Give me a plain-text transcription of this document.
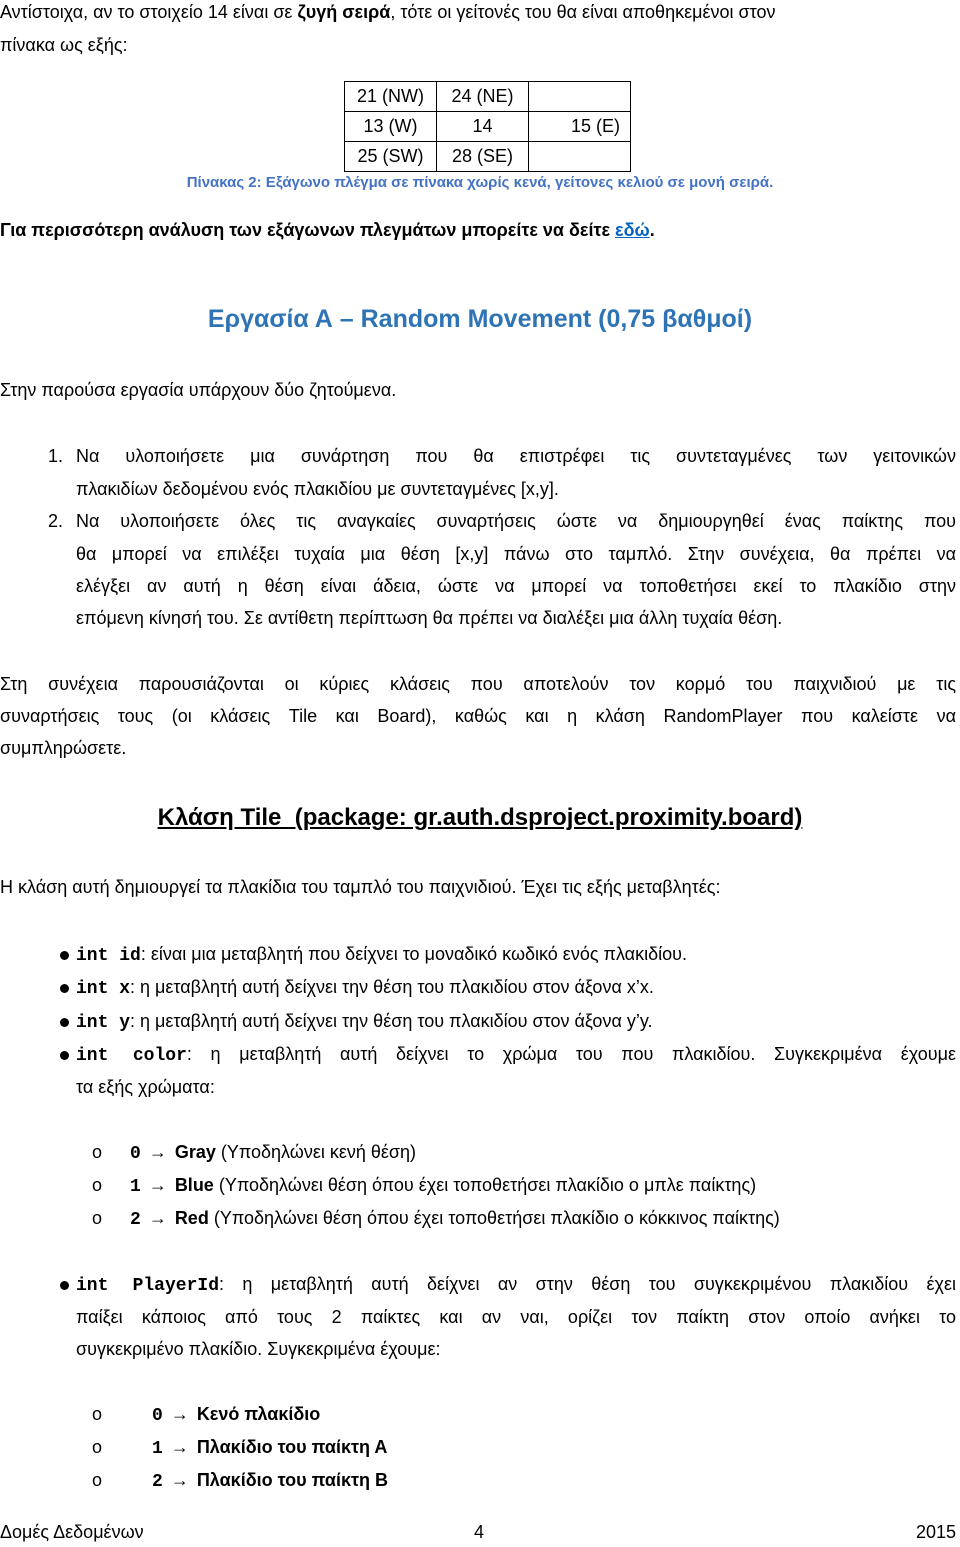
Αντίστοιχα, αν το στοιχείο 14 είναι σε ζυγή σειρά, τότε οι γείτονές του θα είναι αποθηκεμένοι στον
πίνακα ως εξής:
21 (NW)	24 (NE)	
13 (W)	14	15 (E)
25 (SW)	28 (SE)	
Πίνακας 2: Εξάγωνο πλέγμα σε πίνακα χωρίς κενά, γείτονες κελιού σε μονή σειρά.
Για περισσότερη ανάλυση των εξάγωνων πλεγμάτων μπορείτε να δείτε εδώ.
Εργασία Α – Random Movement (0,75 βαθμοί)
Στην παρούσα εργασία υπάρχουν δύο ζητούμενα.
1. Να υλοποιήσετε μια συνάρτηση που θα επιστρέφει τις συντεταγμένες των γειτονικών
πλακιδίων δεδομένου ενός πλακιδίου με συντεταγμένες [x,y].
2. Να υλοποιήσετε όλες τις αναγκαίες συναρτήσεις ώστε να δημιουργηθεί ένας παίκτης που
θα μπορεί να επιλέξει τυχαία μια θέση [x,y] πάνω στο ταμπλό. Στην συνέχεια, θα πρέπει να
ελέγξει αν αυτή η θέση είναι άδεια, ώστε να μπορεί να τοποθετήσει εκεί το πλακίδιο στην
επόμενη κίνησή του. Σε αντίθετη περίπτωση θα πρέπει να διαλέξει μια άλλη τυχαία θέση.
Στη συνέχεια παρουσιάζονται οι κύριες κλάσεις που αποτελούν τον κορμό του παιχνιδιού με τις
συναρτήσεις τους (οι κλάσεις Tile και Board), καθώς και η κλάση RandomPlayer που καλείστε να
συμπληρώσετε.
Κλάση Tile  (package: gr.auth.dsproject.proximity.board)
Η κλάση αυτή δημιουργεί τα πλακίδια του ταμπλό του παιχνιδιού. Έχει τις εξής μεταβλητές:
int id: είναι μια μεταβλητή που δείχνει το μοναδικό κωδικό ενός πλακιδίου.
int x: η μεταβλητή αυτή δείχνει την θέση του πλακιδίου στον άξονα x’x.
int y: η μεταβλητή αυτή δείχνει την θέση του πλακιδίου στον άξονα y’y.
int color: η μεταβλητή αυτή δείχνει το χρώμα του που πλακιδίου. Συγκεκριμένα έχουμε
τα εξής χρώματα:
o 0 → Gray (Υποδηλώνει κενή θέση)
o 1 → Blue (Υποδηλώνει θέση όπου έχει τοποθετήσει πλακίδιο ο μπλε παίκτης)
o 2 → Red (Υποδηλώνει θέση όπου έχει τοποθετήσει πλακίδιο ο κόκκινος παίκτης)
int PlayerId: η μεταβλητή αυτή δείχνει αν στην θέση του συγκεκριμένου πλακιδίου έχει
παίξει κάποιος από τους 2 παίκτες και αν ναι, ορίζει τον παίκτη στον οποίο ανήκει το
συγκεκριμένο πλακίδιο. Συγκεκριμένα έχουμε:
o	0 → Κενό πλακίδιο
o	1 → Πλακίδιο του παίκτη Α
o	2 → Πλακίδιο του παίκτη Β
Δομές Δεδομένων	4	2015
